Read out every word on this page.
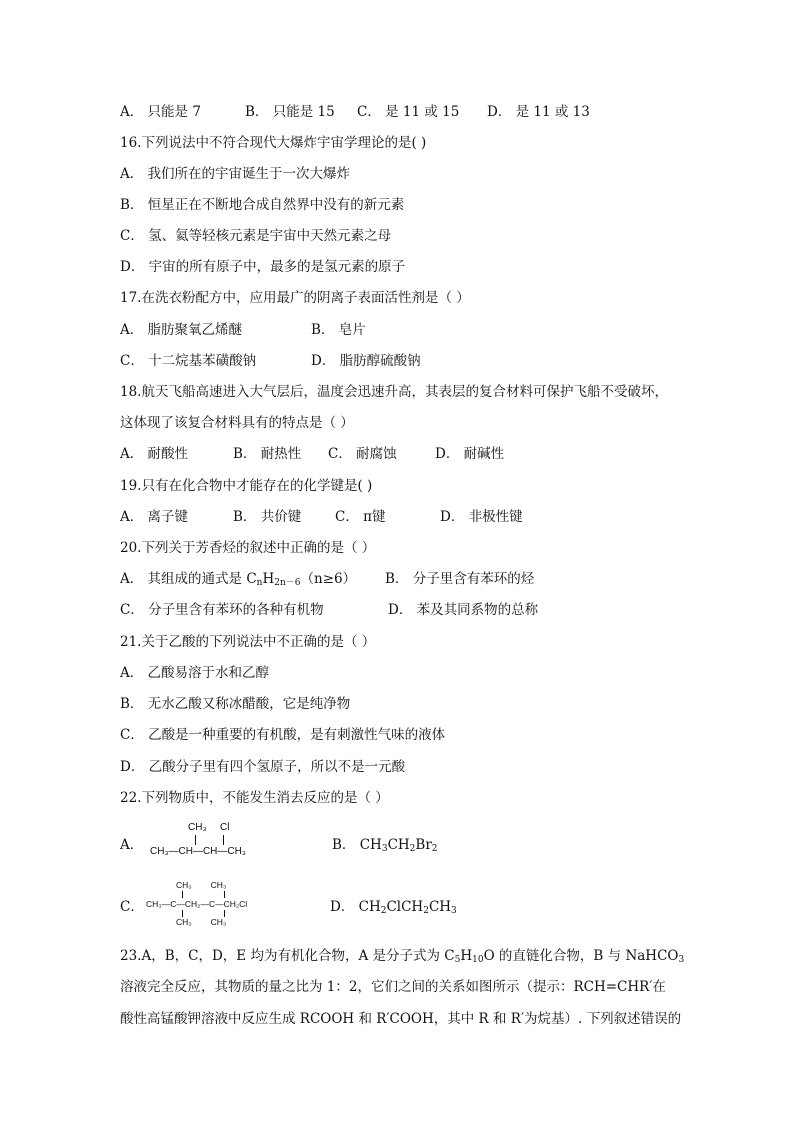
A． 只能是 7	B． 只能是 15 C． 是 11 或 15 D． 是 11 或 13
16.下列说法中不符合现代大爆炸宇宙学理论的是( )
A． 我们所在的宇宙诞生于一次大爆炸
B． 恒星正在不断地合成自然界中没有的新元素
C． 氢、氦等轻核元素是宇宙中天然元素之母
D． 宇宙的所有原子中，最多的是氢元素的原子
17.在洗衣粉配方中，应用最广的阴离子表面活性剂是（ ）
A． 脂肪聚氧乙烯醚	B． 皂片
C． 十二烷基苯磺酸钠	D． 脂肪醇硫酸钠
18.航天飞船高速进入大气层后，温度会迅速升高，其表层的复合材料可保护飞船不受破坏，
这体现了该复合材料具有的特点是（ ）
A． 耐酸性	B． 耐热性 C． 耐腐蚀	D． 耐碱性
19.只有在化合物中才能存在的化学键是( )
A． 离子键	B． 共价键	C． π键	D． 非极性键
20.下列关于芳香烃的叙述中正确的是（ ）
A． 其组成的通式是 $C_nH_{2n-6}(n\ge 6)$ B． 分子里含有苯环的烃
C． 分子里含有苯环的各种有机物	D． 苯及其同系物的总称
21.关于乙酸的下列说法中不正确的是（ ）
A． 乙酸易溶于水和乙醇
B． 无水乙酸又称冰醋酸，它是纯净物
C． 乙酸是一种重要的有机酸，是有刺激性气味的液体
D． 乙酸分子里有四个氢原子，所以不是一元酸
22.下列物质中，不能发生消去反应的是（ ）
A．
CH₃ Cl
CH₃—CH—CH—CH₃	B． $CH_3CH_2Br_2$
C．
CH₃        CH₃
CH₃—C—CH₂—C—CH₂Cl
CH₃        CH₃
D． $CH_2ClCH_2CH_3$
23.A，B，C，D，E 均为有机化合物，A 是分子式为 $C_5H_{10}O$ 的直链化合物，B 与 NaHCO$_3$
溶液完全反应，其物质的量之比为 1：2，它们之间的关系如图所示（提示：RCH=CHR′在
酸性高锰酸钾溶液中反应生成 RCOOH 和 R′COOH，其中 R 和 R′为烷基）. 下列叙述错误的
